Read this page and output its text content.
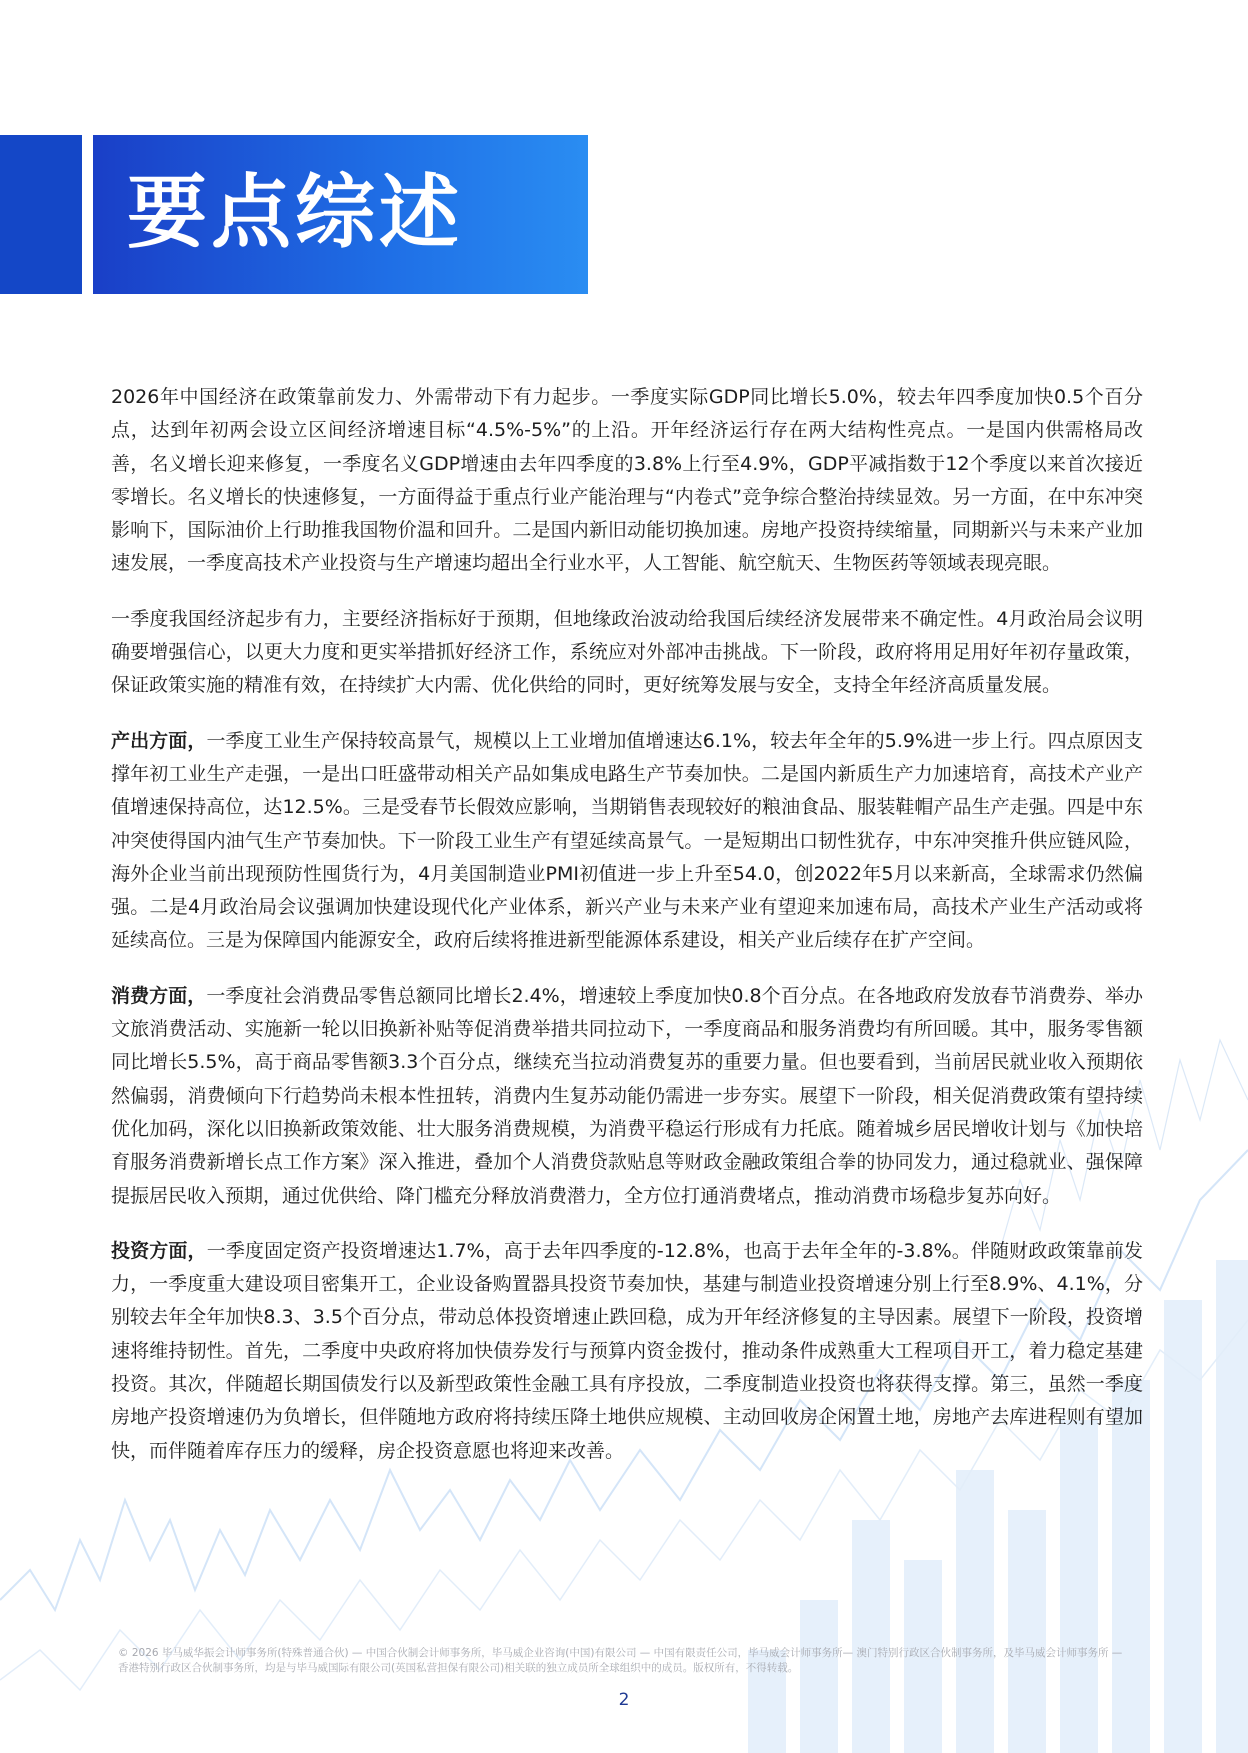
要点综述

2026年中国经济在政策靠前发力、外需带动下有力起步。一季度实际GDP同比增长5.0%，较去年四季度加快0.5个百分点，达到年初两会设立区间经济增速目标“4.5%-5%”的上沿。开年经济运行存在两大结构性亮点。一是国内供需格局改善，名义增长迎来修复，一季度名义GDP增速由去年四季度的3.8%上行至4.9%，GDP平减指数于12个季度以来首次接近零增长。名义增长的快速修复，一方面得益于重点行业产能治理与“内卷式”竞争综合整治持续显效。另一方面，在中东冲突影响下，国际油价上行助推我国物价温和回升。二是国内新旧动能切换加速。房地产投资持续缩量，同期新兴与未来产业加速发展，一季度高技术产业投资与生产增速均超出全行业水平，人工智能、航空航天、生物医药等领域表现亮眼。

一季度我国经济起步有力，主要经济指标好于预期，但地缘政治波动给我国后续经济发展带来不确定性。4月政治局会议明确要增强信心，以更大力度和更实举措抓好经济工作，系统应对外部冲击挑战。下一阶段，政府将用足用好年初存量政策，保证政策实施的精准有效，在持续扩大内需、优化供给的同时，更好统筹发展与安全，支持全年经济高质量发展。

产出方面，一季度工业生产保持较高景气，规模以上工业增加值增速达6.1%，较去年全年的5.9%进一步上行。四点原因支撑年初工业生产走强，一是出口旺盛带动相关产品如集成电路生产节奏加快。二是国内新质生产力加速培育，高技术产业产值增速保持高位，达12.5%。三是受春节长假效应影响，当期销售表现较好的粮油食品、服装鞋帽产品生产走强。四是中东冲突使得国内油气生产节奏加快。下一阶段工业生产有望延续高景气。一是短期出口韧性犹存，中东冲突推升供应链风险，海外企业当前出现预防性囤货行为，4月美国制造业PMI初值进一步上升至54.0，创2022年5月以来新高，全球需求仍然偏强。二是4月政治局会议强调加快建设现代化产业体系，新兴产业与未来产业有望迎来加速布局，高技术产业生产活动或将延续高位。三是为保障国内能源安全，政府后续将推进新型能源体系建设，相关产业后续存在扩产空间。

消费方面，一季度社会消费品零售总额同比增长2.4%，增速较上季度加快0.8个百分点。在各地政府发放春节消费券、举办文旅消费活动、实施新一轮以旧换新补贴等促消费举措共同拉动下，一季度商品和服务消费均有所回暖。其中，服务零售额同比增长5.5%，高于商品零售额3.3个百分点，继续充当拉动消费复苏的重要力量。但也要看到，当前居民就业收入预期依然偏弱，消费倾向下行趋势尚未根本性扭转，消费内生复苏动能仍需进一步夯实。展望下一阶段，相关促消费政策有望持续优化加码，深化以旧换新政策效能、壮大服务消费规模，为消费平稳运行形成有力托底。随着城乡居民增收计划与《加快培育服务消费新增长点工作方案》深入推进，叠加个人消费贷款贴息等财政金融政策组合拳的协同发力，通过稳就业、强保障提振居民收入预期，通过优供给、降门槛充分释放消费潜力，全方位打通消费堵点，推动消费市场稳步复苏向好。

投资方面，一季度固定资产投资增速达1.7%，高于去年四季度的-12.8%，也高于去年全年的-3.8%。伴随财政政策靠前发力，一季度重大建设项目密集开工，企业设备购置器具投资节奏加快，基建与制造业投资增速分别上行至8.9%、4.1%，分别较去年全年加快8.3、3.5个百分点，带动总体投资增速止跌回稳，成为开年经济修复的主导因素。展望下一阶段，投资增速将维持韧性。首先，二季度中央政府将加快债券发行与预算内资金拨付，推动条件成熟重大工程项目开工，着力稳定基建投资。其次，伴随超长期国债发行以及新型政策性金融工具有序投放，二季度制造业投资也将获得支撑。第三，虽然一季度房地产投资增速仍为负增长，但伴随地方政府将持续压降土地供应规模、主动回收房企闲置土地，房地产去库进程则有望加快，而伴随着库存压力的缓释，房企投资意愿也将迎来改善。

© 2026 毕马威华振会计师事务所(特殊普通合伙) — 中国合伙制会计师事务所，毕马威企业咨询(中国)有限公司 — 中国有限责任公司，毕马威会计师事务所— 澳门特别行政区合伙制事务所，及毕马威会计师事务所 — 香港特别行政区合伙制事务所，均是与毕马威国际有限公司(英国私营担保有限公司)相关联的独立成员所全球组织中的成员。版权所有，不得转载。

2
